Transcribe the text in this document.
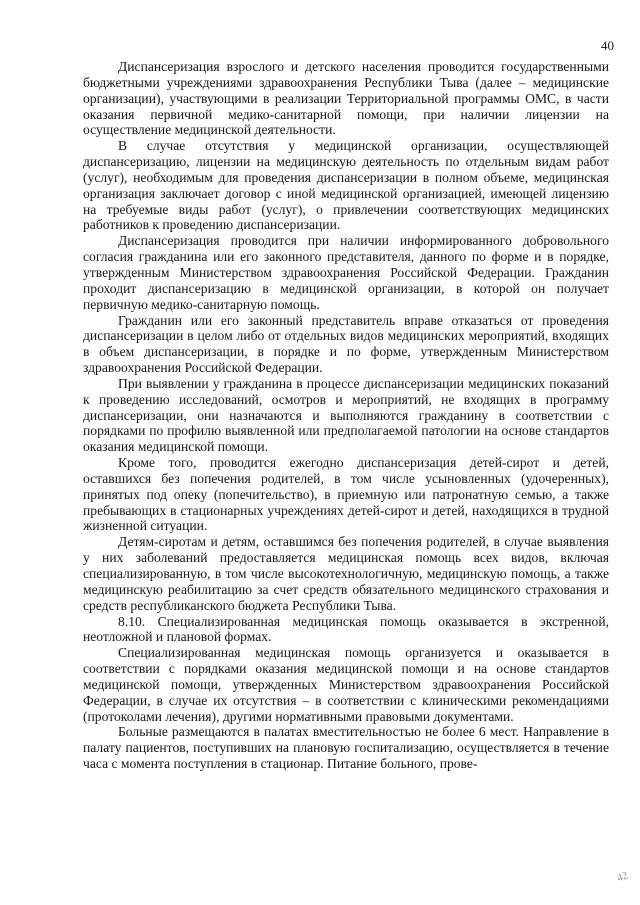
40

Диспансеризация взрослого и детского населения проводится государственными бюджетными учреждениями здравоохранения Республики Тыва (далее – медицинские организации), участвующими в реализации Территориальной программы ОМС, в части оказания первичной медико-санитарной помощи, при наличии лицензии на осуществление медицинской деятельности.

В случае отсутствия у медицинской организации, осуществляющей диспансеризацию, лицензии на медицинскую деятельность по отдельным видам работ (услуг), необходимым для проведения диспансеризации в полном объеме, медицинская организация заключает договор с иной медицинской организацией, имеющей лицензию на требуемые виды работ (услуг), о привлечении соответствующих медицинских работников к проведению диспансеризации.

Диспансеризация проводится при наличии информированного добровольного согласия гражданина или его законного представителя, данного по форме и в порядке, утвержденным Министерством здравоохранения Российской Федерации. Гражданин проходит диспансеризацию в медицинской организации, в которой он получает первичную медико-санитарную помощь.

Гражданин или его законный представитель вправе отказаться от проведения диспансеризации в целом либо от отдельных видов медицинских мероприятий, входящих в объем диспансеризации, в порядке и по форме, утвержденным Министерством здравоохранения Российской Федерации.

При выявлении у гражданина в процессе диспансеризации медицинских показаний к проведению исследований, осмотров и мероприятий, не входящих в программу диспансеризации, они назначаются и выполняются гражданину в соответствии с порядками по профилю выявленной или предполагаемой патологии на основе стандартов оказания медицинской помощи.

Кроме того, проводится ежегодно диспансеризация детей-сирот и детей, оставшихся без попечения родителей, в том числе усыновленных (удочеренных), принятых под опеку (попечительство), в приемную или патронатную семью, а также пребывающих в стационарных учреждениях детей-сирот и детей, находящихся в трудной жизненной ситуации.

Детям-сиротам и детям, оставшимся без попечения родителей, в случае выявления у них заболеваний предоставляется медицинская помощь всех видов, включая специализированную, в том числе высокотехнологичную, медицинскую помощь, а также медицинскую реабилитацию за счет средств обязательного медицинского страхования и средств республиканского бюджета Республики Тыва.

8.10. Специализированная медицинская помощь оказывается в экстренной, неотложной и плановой формах.

Специализированная медицинская помощь организуется и оказывается в соответствии с порядками оказания медицинской помощи и на основе стандартов медицинской помощи, утвержденных Министерством здравоохранения Российской Федерации, в случае их отсутствия – в соответствии с клиническими рекомендациями (протоколами лечения), другими нормативными правовыми документами.

Больные размещаются в палатах вместительностью не более 6 мест. Направление в палату пациентов, поступивших на плановую госпитализацию, осуществляется в течение часа с момента поступления в стационар. Питание больного, прове-

42
